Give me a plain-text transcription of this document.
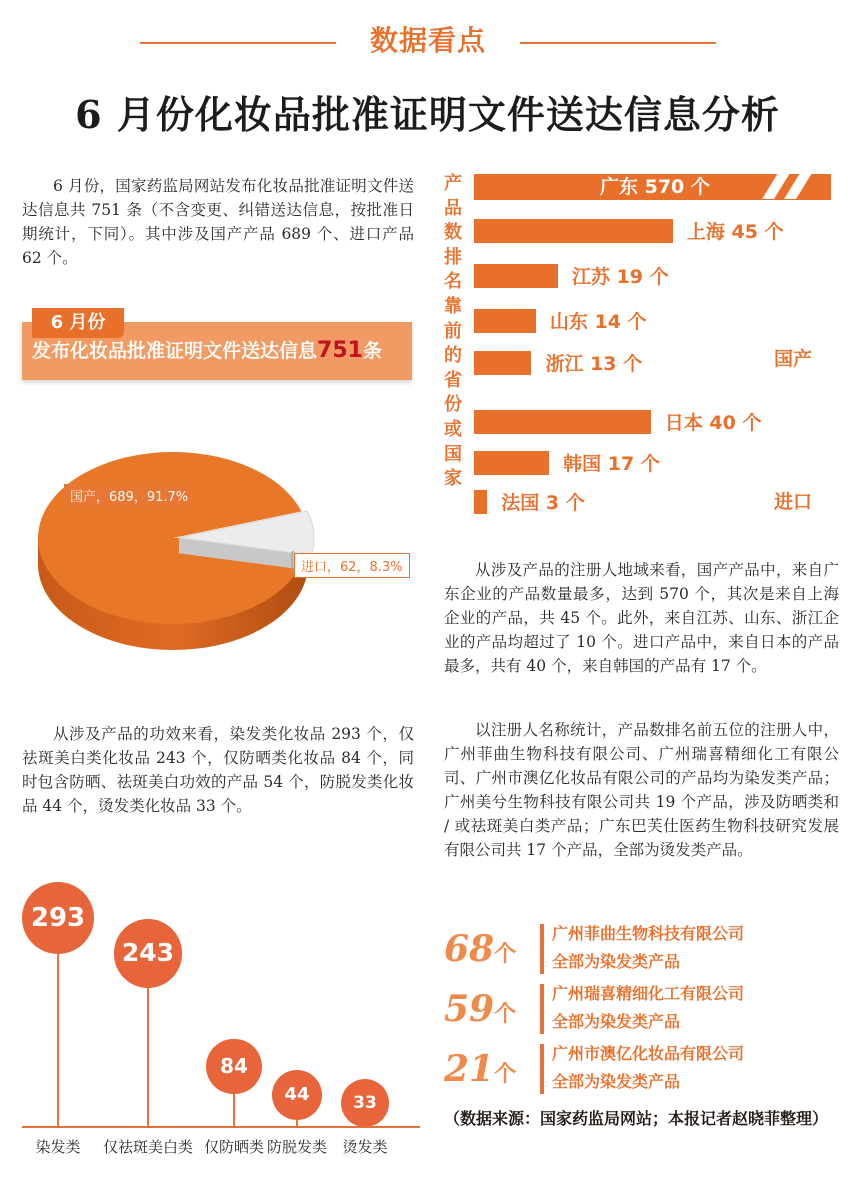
数据看点
6 月份化妆品批准证明文件送达信息分析
6 月份，国家药监局网站发布化妆品批准证明文件送达信息共 751 条（不含变更、纠错送达信息，按批准日期统计，下同）。其中涉及国产产品 689 个、进口产品 62 个。
6 月份
发布化妆品批准证明文件送达信息751条
国产，689，91.7%
进口，62，8.3%
从涉及产品的功效来看，染发类化妆品 293 个，仅祛斑美白类化妆品 243 个，仅防晒类化妆品 84 个，同时包含防晒、祛斑美白功效的产品 54 个，防脱发类化妆品 44 个，烫发类化妆品 33 个。
293
染发类
243
仅祛斑美白类
84
仅防晒类
44
防脱发类
33
烫发类
产品数排名靠前的省份或国家
广东 570 个
上海 45 个
江苏 19 个
山东 14 个
浙江 13 个
日本 40 个
韩国 17 个
法国 3 个
国产
进口
从涉及产品的注册人地域来看，国产产品中，来自广东企业的产品数量最多，达到 570 个，其次是来自上海企业的产品，共 45 个。此外，来自江苏、山东、浙江企业的产品均超过了 10 个。进口产品中，来自日本的产品最多，共有 40 个，来自韩国的产品有 17 个。
以注册人名称统计，产品数排名前五位的注册人中，广州菲曲生物科技有限公司、广州瑞喜精细化工有限公司、广州市澳亿化妆品有限公司的产品均为染发类产品；广州美兮生物科技有限公司共 19 个产品，涉及防晒类和 / 或祛斑美白类产品；广东巴芙仕医药生物科技研究发展有限公司共 17 个产品，全部为烫发类产品。
68个
广州菲曲生物科技有限公司
全部为染发类产品
59个
广州瑞喜精细化工有限公司
全部为染发类产品
21个
广州市澳亿化妆品有限公司
全部为染发类产品
（数据来源：国家药监局网站；本报记者赵晓菲整理）
